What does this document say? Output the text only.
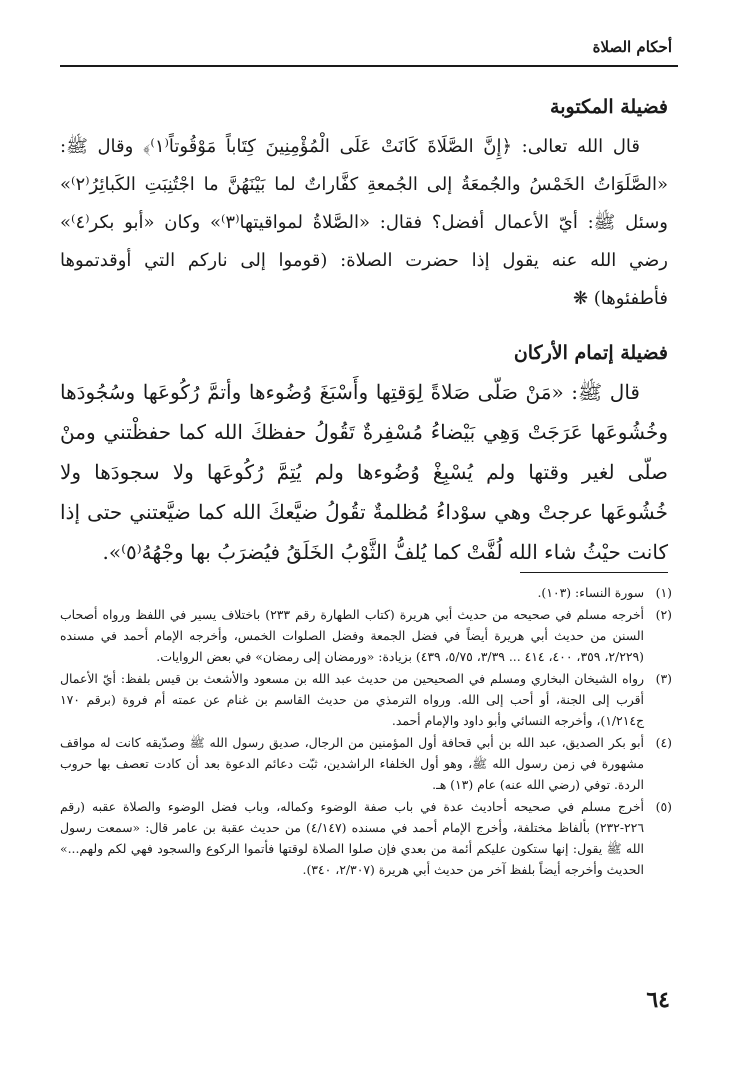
أحكام الصلاة
فضيلة المكتوبة

قال الله تعالى: ﴿إِنَّ الصَّلَاةَ كَانَتْ عَلَى الْمُؤْمِنِينَ كِتَاباً مَوْقُوتاً⁽١⁾﴾ وقال ﷺ: «الصَّلَوَاتُ الخَمْسُ والجُمعَةُ إلى الجُمعةِ كفَّاراتٌ لما بَيْنَهُنَّ ما اجْتُنِبَتِ الكَبائِرُ⁽٢⁾» وسئل ﷺ: أيّ الأعمال أفضل؟ فقال: «الصَّلاةُ لمواقيتها⁽٣⁾» وكان «أبو بكر⁽٤⁾» رضي الله عنه يقول إذا حضرت الصلاة: (قوموا إلى ناركم التي أوقدتموها فأطفئوها) ❋

فضيلة إتمام الأركان

قال ﷺ: «مَنْ صَلّى صَلاةً لِوَقتِها وأَسْبَغَ وُضُوءها وأتمَّ رُكُوعَها وسُجُودَها وخُشُوعَها عَرَجَتْ وَهِي بَيْضاءُ مُسْفِرةٌ تَقُولُ حفظكَ الله كما حفظْتني ومنْ صلّى لغير وقتها ولم يُسْبِغْ وُضُوءها ولم يُتِمَّ رُكُوعَها ولا سجودَها ولا خُشُوعَها عرجتْ وهي سوْداءُ مُظلمةٌ تقُولُ ضيَّعكَ الله كما ضيَّعتني حتى إذا كانت حيْثُ شاء الله لُفَّتْ كما يُلفُّ الثَّوْبُ الخَلَقُ فيُضرَبُ بها وجْهُهُ⁽٥⁾».

(١)
سورة النساء: (١٠٣).

(٢)
أخرجه مسلم في صحيحه من حديث أبي هريرة (كتاب الطهارة رقم ٢٣٣) باختلاف يسير في اللفظ ورواه أصحاب السنن من حديث أبي هريرة أيضاً في فضل الجمعة وفضل الصلوات الخمس، وأخرجه الإمام أحمد في مسنده (٢/٢٢٩، ٣٥٩، ٤٠٠، ٤١٤ ... ٣/٣٩، ٥/٧٥، ٤٣٩) بزيادة: «ورمضان إلى رمضان» في بعض الروايات.

(٣)
رواه الشيخان البخاري ومسلم في الصحيحين من حديث عبد الله بن مسعود والأشعث بن قيس بلفظ: أيّ الأعمال أقرب إلى الجنة، أو أحب إلى الله. ورواه الترمذي من حديث القاسم بن غنام عن عمته أم فروة (برقم ١٧٠ ج١/٢١٤)، وأخرجه النسائي وأبو داود والإمام أحمد.

(٤)
أبو بكر الصديق، عبد الله بن أبي قحافة أول المؤمنين من الرجال، صديق رسول الله ﷺ وصدّيقه كانت له مواقف مشهورة في زمن رسول الله ﷺ، وهو أول الخلفاء الراشدين، ثبّت دعائم الدعوة بعد أن كادت تعصف بها حروب الردة. توفي (رضي الله عنه) عام (١٣) هـ.

(٥)
أخرج مسلم في صحيحه أحاديث عدة في باب صفة الوضوء وكماله، وباب فضل الوضوء والصلاة عقبه (رقم ٢٢٦-٢٣٢) بألفاظ مختلفة، وأخرج الإمام أحمد في مسنده (٤/١٤٧) من حديث عقبة بن عامر قال: «سمعت رسول الله ﷺ يقول: إنها ستكون عليكم أئمة من بعدي فإن صلوا الصلاة لوقتها فأتموا الركوع والسجود فهي لكم ولهم...» الحديث وأخرجه أيضاً بلفظ آخر من حديث أبي هريرة (٢/٣٠٧، ٣٤٠).

٦٤
